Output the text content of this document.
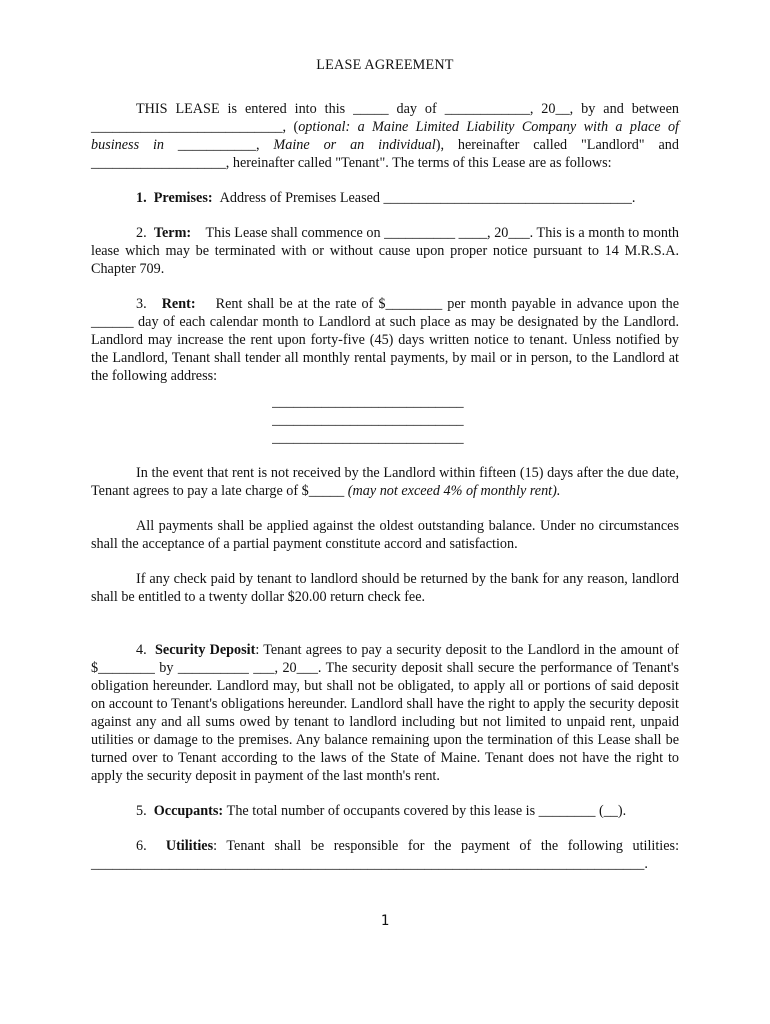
LEASE AGREEMENT

THIS LEASE is entered into this _____ day of ____________, 20__, by and between ___________________________, (optional: a Maine Limited Liability Company with a place of business in ___________, Maine or an individual), hereinafter called "Landlord" and ___________________, hereinafter called "Tenant". The terms of this Lease are as follows:

1. Premises: Address of Premises Leased ___________________________________.

2. Term: This Lease shall commence on __________ ____, 20___. This is a month to month lease which may be terminated with or without cause upon proper notice pursuant to 14 M.R.S.A. Chapter 709.

3. Rent: Rent shall be at the rate of $________ per month payable in advance upon the ______ day of each calendar month to Landlord at such place as may be designated by the Landlord. Landlord may increase the rent upon forty-five (45) days written notice to tenant. Unless notified by the Landlord, Tenant shall tender all monthly rental payments, by mail or in person, to the Landlord at the following address:

___________________________
___________________________
___________________________

In the event that rent is not received by the Landlord within fifteen (15) days after the due date, Tenant agrees to pay a late charge of $_____ (may not exceed 4% of monthly rent).

All payments shall be applied against the oldest outstanding balance. Under no circumstances shall the acceptance of a partial payment constitute accord and satisfaction.

If any check paid by tenant to landlord should be returned by the bank for any reason, landlord shall be entitled to a twenty dollar $20.00 return check fee.

4. Security Deposit: Tenant agrees to pay a security deposit to the Landlord in the amount of $________ by __________ ___, 20___. The security deposit shall secure the performance of Tenant's obligation hereunder. Landlord may, but shall not be obligated, to apply all or portions of said deposit on account to Tenant's obligations hereunder. Landlord shall have the right to apply the security deposit against any and all sums owed by tenant to landlord including but not limited to unpaid rent, unpaid utilities or damage to the premises. Any balance remaining upon the termination of this Lease shall be turned over to Tenant according to the laws of the State of Maine. Tenant does not have the right to apply the security deposit in payment of the last month's rent.

5. Occupants: The total number of occupants covered by this lease is ________ (__).

6. Utilities: Tenant shall be responsible for the payment of the following utilities: ______________________________________________________________________________.

1
